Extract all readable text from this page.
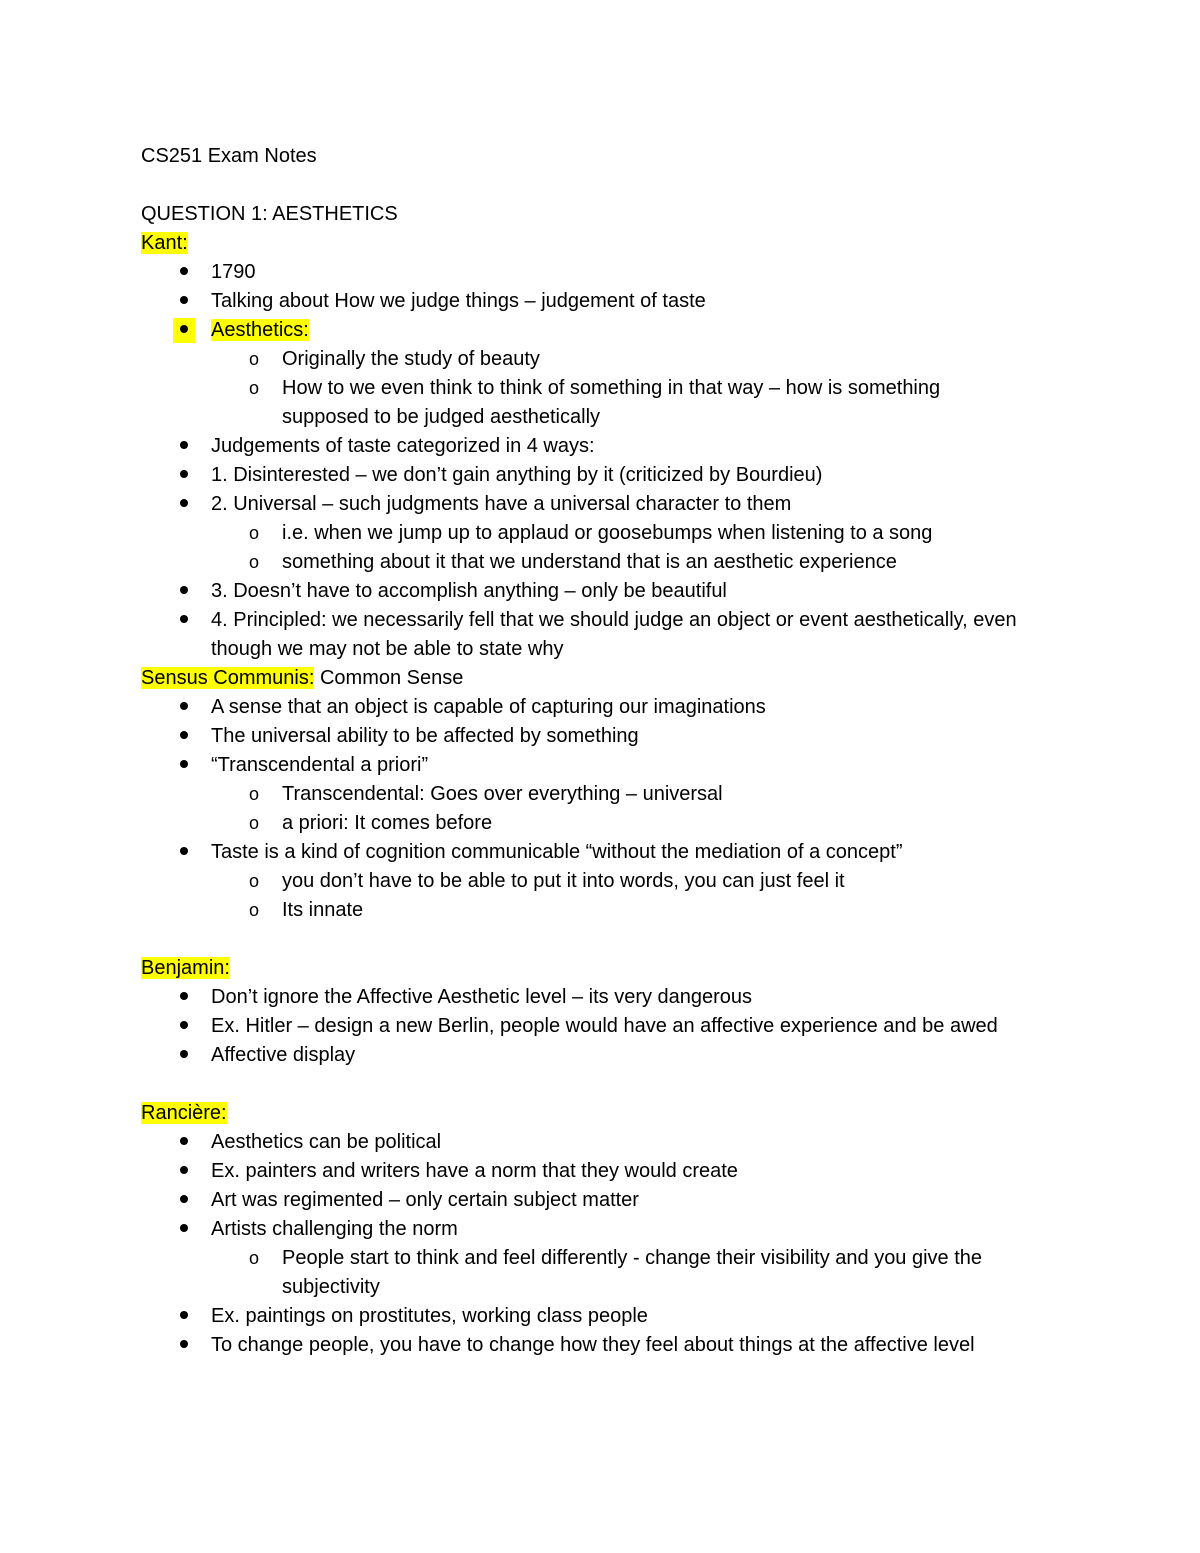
CS251 Exam Notes

QUESTION 1: AESTHETICS

Kant:

1790
Talking about How we judge things – judgement of taste
Aesthetics:
o Originally the study of beauty
o How to we even think to think of something in that way – how is something supposed to be judged aesthetically
Judgements of taste categorized in 4 ways:
1. Disinterested – we don’t gain anything by it (criticized by Bourdieu)
2. Universal – such judgments have a universal character to them
o i.e. when we jump up to applaud or goosebumps when listening to a song
o something about it that we understand that is an aesthetic experience
3. Doesn’t have to accomplish anything – only be beautiful
4. Principled: we necessarily fell that we should judge an object or event aesthetically, even though we may not be able to state why

Sensus Communis: Common Sense

A sense that an object is capable of capturing our imaginations
The universal ability to be affected by something
“Transcendental a priori”
o Transcendental: Goes over everything – universal
o a priori: It comes before
Taste is a kind of cognition communicable “without the mediation of a concept”
o you don’t have to be able to put it into words, you can just feel it
o Its innate

Benjamin:

Don’t ignore the Affective Aesthetic level – its very dangerous
Ex. Hitler – design a new Berlin, people would have an affective experience and be awed
Affective display

Rancière:

Aesthetics can be political
Ex. painters and writers have a norm that they would create
Art was regimented – only certain subject matter
Artists challenging the norm
o People start to think and feel differently - change their visibility and you give the subjectivity
Ex. paintings on prostitutes, working class people
To change people, you have to change how they feel about things at the affective level
